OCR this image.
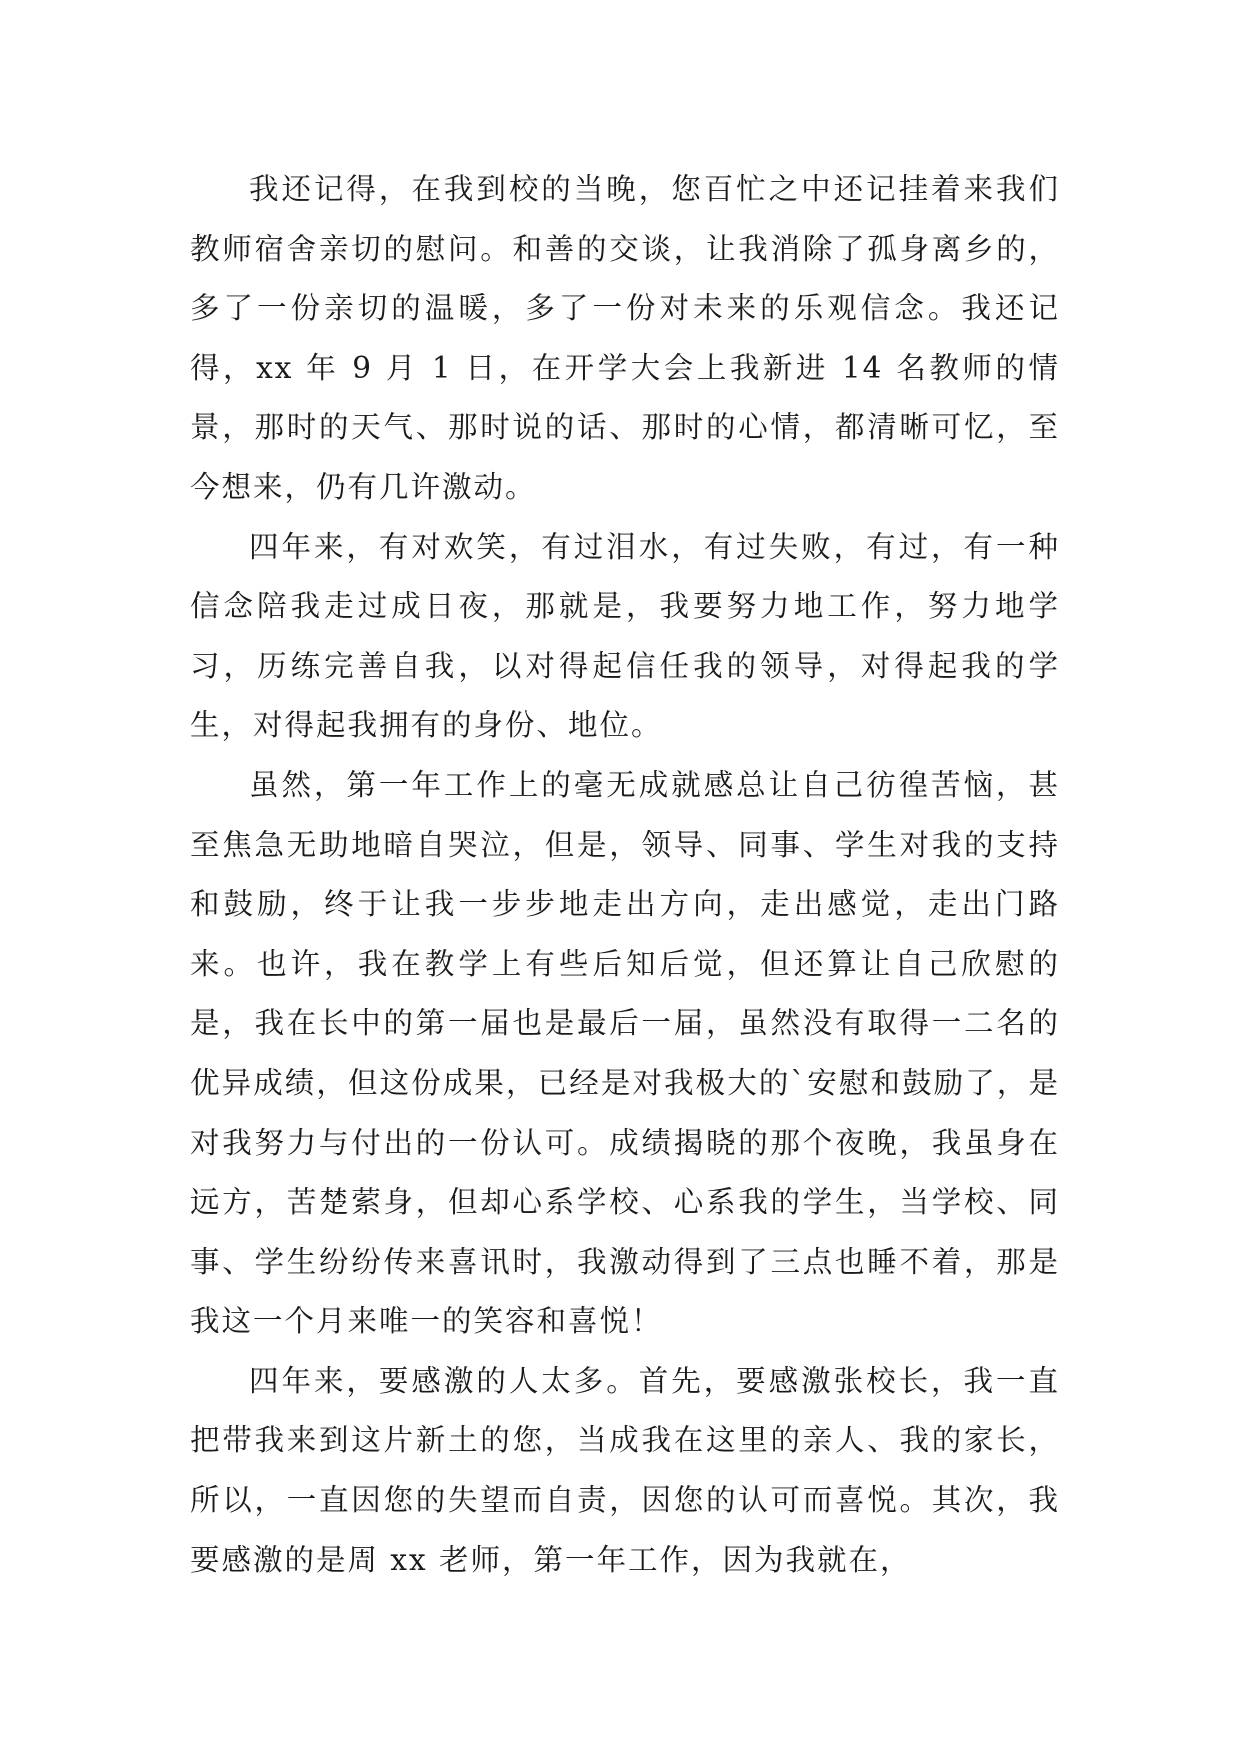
我还记得，在我到校的当晚，您百忙之中还记挂着来我们教师宿舍亲切的慰问。和善的交谈，让我消除了孤身离乡的，多了一份亲切的温暖，多了一份对未来的乐观信念。我还记得，xx 年 9 月 1 日，在开学大会上我新进 14 名教师的情景，那时的天气、那时说的话、那时的心情，都清晰可忆，至今想来，仍有几许激动。

四年来，有对欢笑，有过泪水，有过失败，有过，有一种信念陪我走过成日夜，那就是，我要努力地工作，努力地学习，历练完善自我，以对得起信任我的领导，对得起我的学生，对得起我拥有的身份、地位。

虽然，第一年工作上的毫无成就感总让自己彷徨苦恼，甚至焦急无助地暗自哭泣，但是，领导、同事、学生对我的支持和鼓励，终于让我一步步地走出方向，走出感觉，走出门路来。也许，我在教学上有些后知后觉，但还算让自己欣慰的是，我在长中的第一届也是最后一届，虽然没有取得一二名的优异成绩，但这份成果，已经是对我极大的`安慰和鼓励了，是对我努力与付出的一份认可。成绩揭晓的那个夜晚，我虽身在远方，苦楚萦身，但却心系学校、心系我的学生，当学校、同事、学生纷纷传来喜讯时，我激动得到了三点也睡不着，那是我这一个月来唯一的笑容和喜悦！

四年来，要感激的人太多。首先，要感激张校长，我一直把带我来到这片新土的您，当成我在这里的亲人、我的家长，所以，一直因您的失望而自责，因您的认可而喜悦。其次，我要感激的是周 xx 老师，第一年工作，因为我就在，
